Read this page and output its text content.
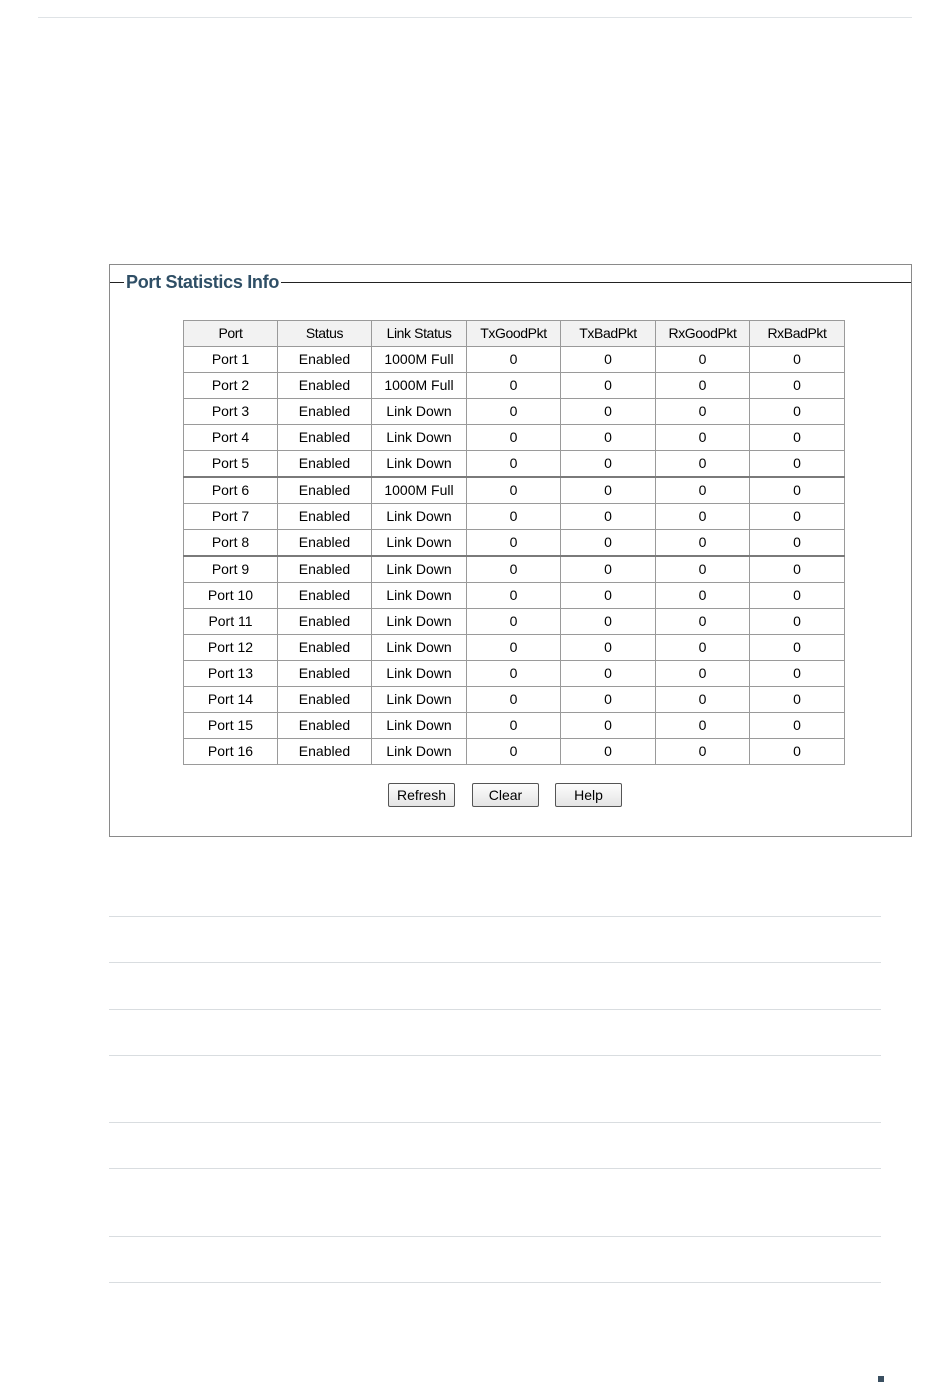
Port Statistics Info
Port	Status	Link Status	TxGoodPkt	TxBadPkt	RxGoodPkt	RxBadPkt
Port 1	Enabled	1000M Full	0	0	0	0
Port 2	Enabled	1000M Full	0	0	0	0
Port 3	Enabled	Link Down	0	0	0	0
Port 4	Enabled	Link Down	0	0	0	0
Port 5	Enabled	Link Down	0	0	0	0
Port 6	Enabled	1000M Full	0	0	0	0
Port 7	Enabled	Link Down	0	0	0	0
Port 8	Enabled	Link Down	0	0	0	0
Port 9	Enabled	Link Down	0	0	0	0
Port 10	Enabled	Link Down	0	0	0	0
Port 11	Enabled	Link Down	0	0	0	0
Port 12	Enabled	Link Down	0	0	0	0
Port 13	Enabled	Link Down	0	0	0	0
Port 14	Enabled	Link Down	0	0	0	0
Port 15	Enabled	Link Down	0	0	0	0
Port 16	Enabled	Link Down	0	0	0	0
Refresh	Clear	Help
